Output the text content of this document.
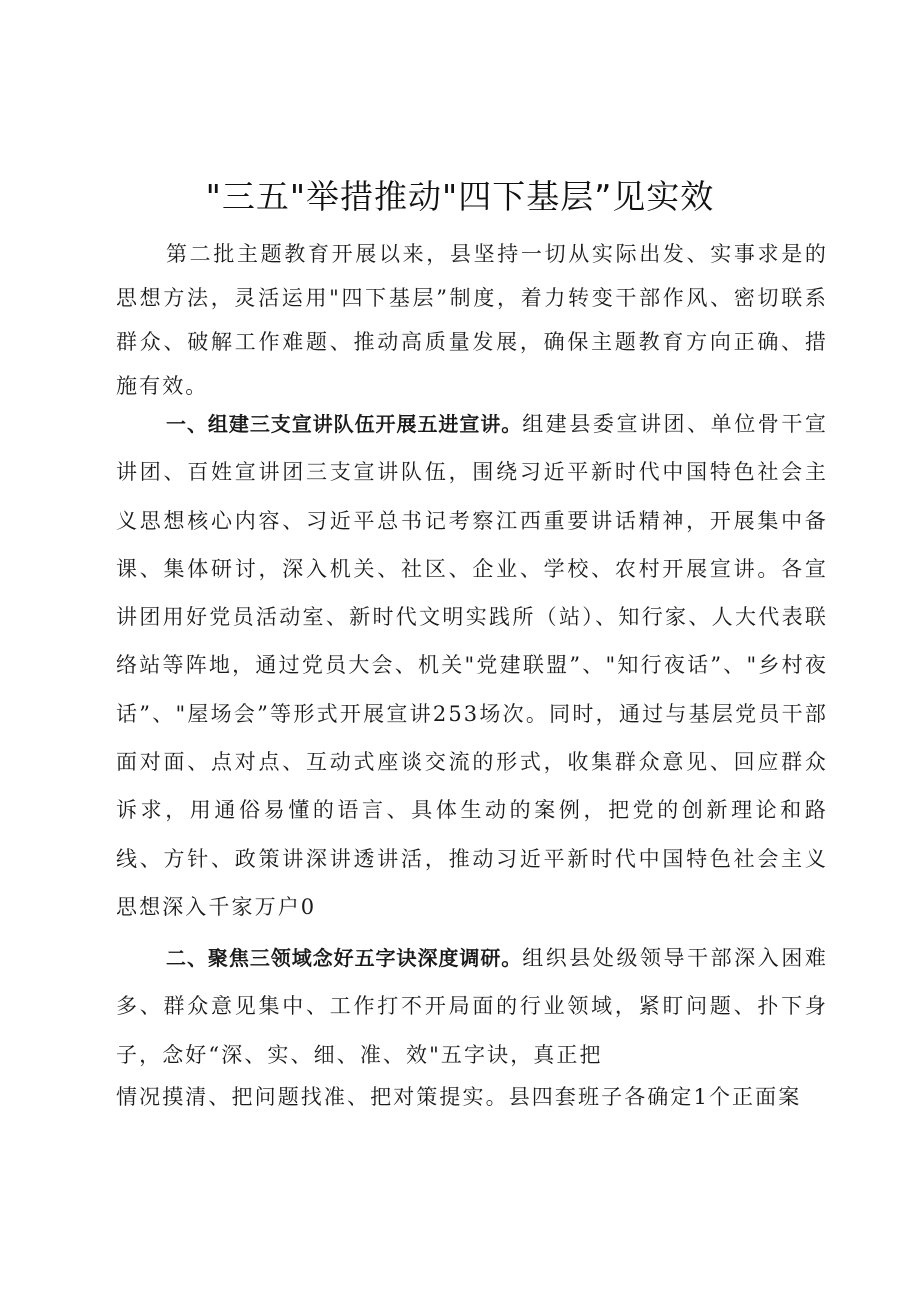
"三五"举措推动"四下基层”见实效

第二批主题教育开展以来，县坚持一切从实际出发、实事求是的思想方法，灵活运用"四下基层”制度，着力转变干部作风、密切联系群众、破解工作难题、推动高质量发展，确保主题教育方向正确、措施有效。

一、组建三支宣讲队伍开展五进宣讲。组建县委宣讲团、单位骨干宣讲团、百姓宣讲团三支宣讲队伍，围绕习近平新时代中国特色社会主义思想核心内容、习近平总书记考察江西重要讲话精神，开展集中备课、集体研讨，深入机关、社区、企业、学校、农村开展宣讲。各宣讲团用好党员活动室、新时代文明实践所（站）、知行家、人大代表联络站等阵地，通过党员大会、机关"党建联盟”、"知行夜话”、"乡村夜话”、"屋场会”等形式开展宣讲253场次。同时，通过与基层党员干部面对面、点对点、互动式座谈交流的形式，收集群众意见、回应群众诉求，用通俗易懂的语言、具体生动的案例，把党的创新理论和路线、方针、政策讲深讲透讲活，推动习近平新时代中国特色社会主义思想深入千家万户0

二、聚焦三领域念好五字诀深度调研。组织县处级领导干部深入困难多、群众意见集中、工作打不开局面的行业领域，紧盯问题、扑下身子，念好“深、实、细、准、效"五字诀，真正把

情况摸清、把问题找准、把对策提实。县四套班子各确定1个正面案
